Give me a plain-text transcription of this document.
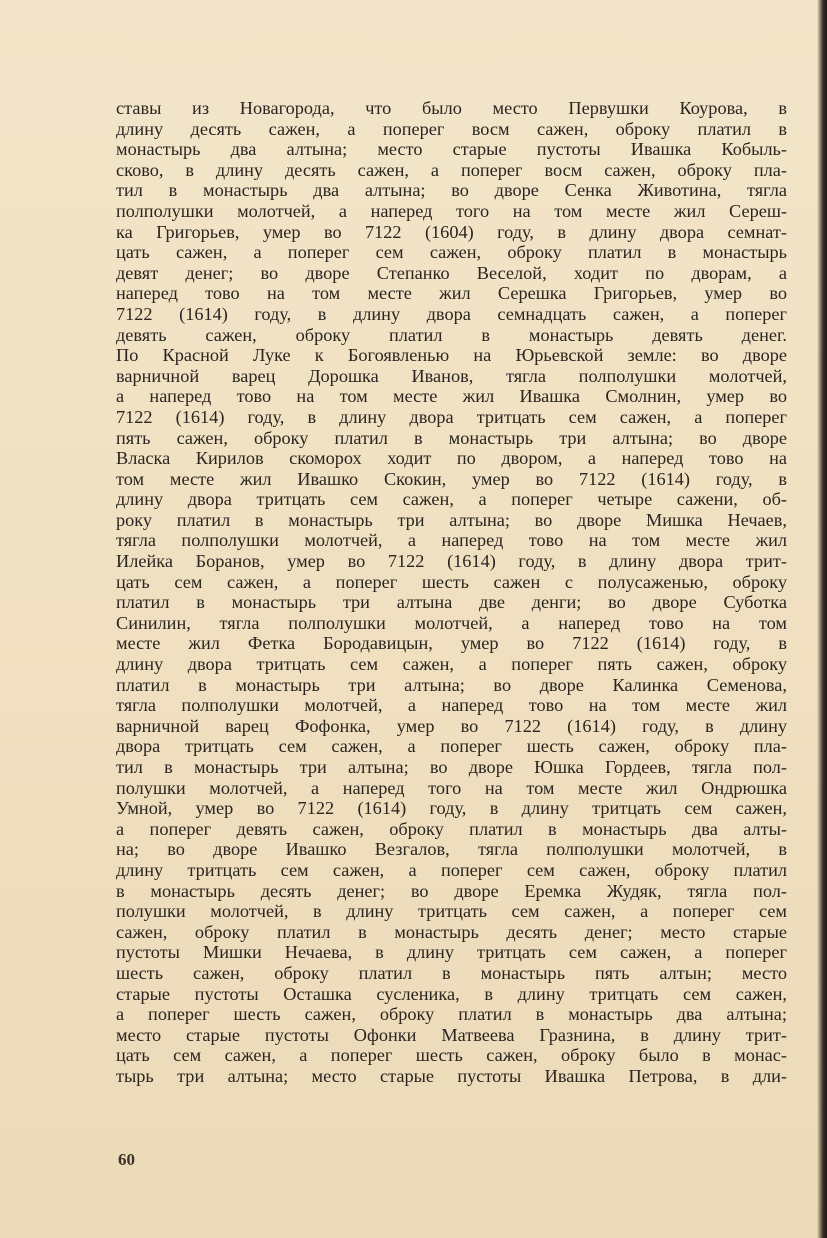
ставы из Новагорода, что было место Первушки Коурова, в
длину десять сажен, а поперег восм сажен, оброку платил в
монастырь два алтына; место старые пустоты Ивашка Кобыль-
сково, в длину десять сажен, а поперег восм сажен, оброку пла-
тил в монастырь два алтына; во дворе Сенка Животина, тягла
полполушки молотчей, а наперед того на том месте жил Сереш-
ка Григорьев, умер во 7122 (1604) году, в длину двора семнат-
цать сажен, а поперег сем сажен, оброку платил в монастырь
девят денег; во дворе Степанко Веселой, ходит по дворам, а
наперед тово на том месте жил Серешка Григорьев, умер во
7122 (1614) году, в длину двора семнадцать сажен, а поперег
девять сажен, оброку платил в монастырь девять денег.
По Красной Луке к Богоявленью на Юрьевской земле: во дворе
варничной варец Дорошка Иванов, тягла полполушки молотчей,
а наперед тово на том месте жил Ивашка Смолнин, умер во
7122 (1614) году, в длину двора тритцать сем сажен, а поперег
пять сажен, оброку платил в монастырь три алтына; во дворе
Власка Кирилов скоморох ходит по двором, а наперед тово на
том месте жил Ивашко Скокин, умер во 7122 (1614) году, в
длину двора тритцать сем сажен, а поперег четыре сажени, об-
року платил в монастырь три алтына; во дворе Мишка Нечаев,
тягла полполушки молотчей, а наперед тово на том месте жил
Илейка Боранов, умер во 7122 (1614) году, в длину двора трит-
цать сем сажен, а поперег шесть сажен с полусаженью, оброку
платил в монастырь три алтына две денги; во дворе Суботка
Синилин, тягла полполушки молотчей, а наперед тово на том
месте жил Фетка Бородавицын, умер во 7122 (1614) году, в
длину двора тритцать сем сажен, а поперег пять сажен, оброку
платил в монастырь три алтына; во дворе Калинка Семенова,
тягла полполушки молотчей, а наперед тово на том месте жил
варничной варец Фофонка, умер во 7122 (1614) году, в длину
двора тритцать сем сажен, а поперег шесть сажен, оброку пла-
тил в монастырь три алтына; во дворе Юшка Гордеев, тягла пол-
полушки молотчей, а наперед того на том месте жил Ондрюшка
Умной, умер во 7122 (1614) году, в длину тритцать сем сажен,
а поперег девять сажен, оброку платил в монастырь два алты-
на; во дворе Ивашко Везгалов, тягла полполушки молотчей, в
длину тритцать сем сажен, а поперег сем сажен, оброку платил
в монастырь десять денег; во дворе Еремка Жудяк, тягла пол-
полушки молотчей, в длину тритцать сем сажен, а поперег сем
сажен, оброку платил в монастырь десять денег; место старые
пустоты Мишки Нечаева, в длину тритцать сем сажен, а поперег
шесть сажен, оброку платил в монастырь пять алтын; место
старые пустоты Осташка сусленика, в длину тритцать сем сажен,
а поперег шесть сажен, оброку платил в монастырь два алтына;
место старые пустоты Офонки Матвеева Гразнина, в длину трит-
цать сем сажен, а поперег шесть сажен, оброку было в монас-
тырь три алтына; место старые пустоты Ивашка Петрова, в дли-
60
